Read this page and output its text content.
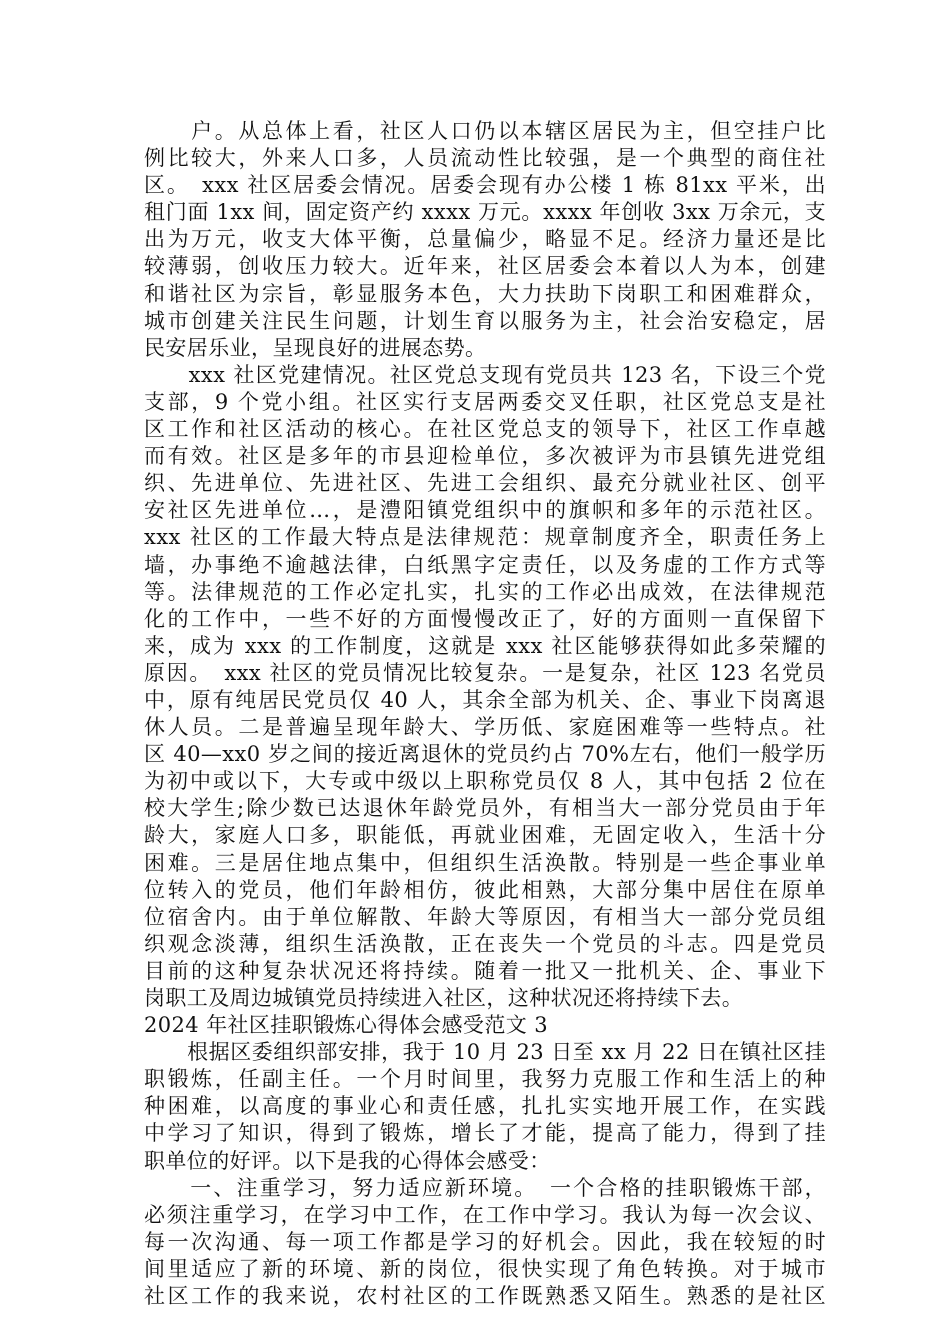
　　户。从总体上看，社区人口仍以本辖区居民为主，但空挂户比
例比较大，外来人口多，人员流动性比较强，是一个典型的商住社
区。　xxx 社区居委会情况。居委会现有办公楼 1 栋 81xx 平米，出
租门面 1xx 间，固定资产约 xxxx 万元。xxxx 年创收 3xx 万余元，支
出为万元，收支大体平衡，总量偏少，略显不足。经济力量还是比
较薄弱，创收压力较大。近年来，社区居委会本着以人为本，创建
和谐社区为宗旨，彰显服务本色，大力扶助下岗职工和困难群众，
城市创建关注民生问题，计划生育以服务为主，社会治安稳定，居
民安居乐业，呈现良好的进展态势。
　　xxx 社区党建情况。社区党总支现有党员共 123 名，下设三个党
支部，9 个党小组。社区实行支居两委交叉任职，社区党总支是社
区工作和社区活动的核心。在社区党总支的领导下，社区工作卓越
而有效。社区是多年的市县迎检单位，多次被评为市县镇先进党组
织、先进单位、先进社区、先进工会组织、最充分就业社区、创平
安社区先进单位…，是澧阳镇党组织中的旗帜和多年的示范社区。
xxx 社区的工作最大特点是法律规范：规章制度齐全，职责任务上
墙，办事绝不逾越法律，白纸黑字定责任，以及务虚的工作方式等
等。法律规范的工作必定扎实，扎实的工作必出成效，在法律规范
化的工作中，一些不好的方面慢慢改正了，好的方面则一直保留下
来，成为 xxx 的工作制度，这就是 xxx 社区能够获得如此多荣耀的
原因。　xxx 社区的党员情况比较复杂。一是复杂，社区 123 名党员
中，原有纯居民党员仅 40 人，其余全部为机关、企、事业下岗离退
休人员。二是普遍呈现年龄大、学历低、家庭困难等一些特点。社
区 40—xx0 岁之间的接近离退休的党员约占 70%左右，他们一般学历
为初中或以下，大专或中级以上职称党员仅 8 人，其中包括 2 位在
校大学生;除少数已达退休年龄党员外，有相当大一部分党员由于年
龄大，家庭人口多，职能低，再就业困难，无固定收入，生活十分
困难。三是居住地点集中，但组织生活涣散。特别是一些企事业单
位转入的党员，他们年龄相仿，彼此相熟，大部分集中居住在原单
位宿舍内。由于单位解散、年龄大等原因，有相当大一部分党员组
织观念淡薄，组织生活涣散，正在丧失一个党员的斗志。四是党员
目前的这种复杂状况还将持续。随着一批又一批机关、企、事业下
岗职工及周边城镇党员持续进入社区，这种状况还将持续下去。
2024 年社区挂职锻炼心得体会感受范文 3
　　根据区委组织部安排，我于 10 月 23 日至 xx 月 22 日在镇社区挂
职锻炼，任副主任。一个月时间里，我努力克服工作和生活上的种
种困难，以高度的事业心和责任感，扎扎实实地开展工作，在实践
中学习了知识，得到了锻炼，增长了才能，提高了能力，得到了挂
职单位的好评。以下是我的心得体会感受：
　　一、注重学习，努力适应新环境。　一个合格的挂职锻炼干部，
必须注重学习，在学习中工作，在工作中学习。我认为每一次会议、
每一次沟通、每一项工作都是学习的好机会。因此，我在较短的时
间里适应了新的环境、新的岗位，很快实现了角色转换。对于城市
社区工作的我来说，农村社区的工作既熟悉又陌生。熟悉的是社区
